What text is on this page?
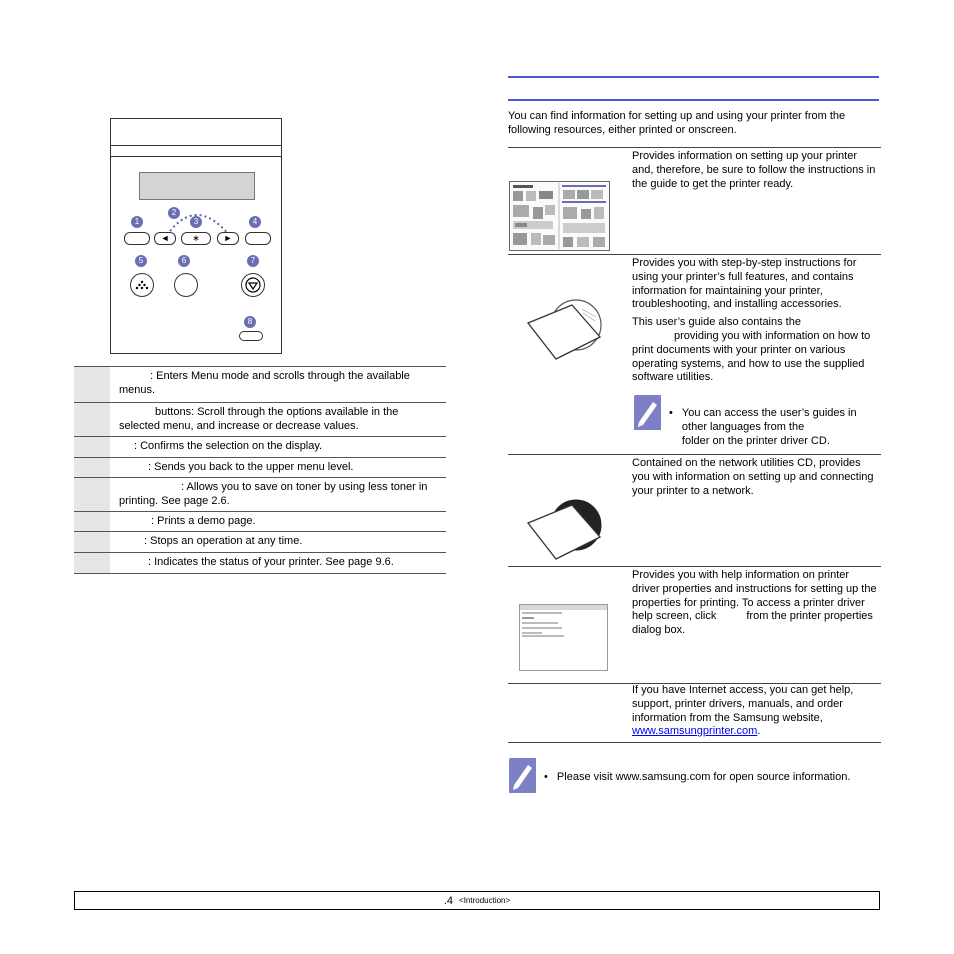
1
2
3	4
5	6	7
8
◄	∗	►
	: Enters Menu mode and scrolls through the available menus.
	buttons: Scroll through the options available in the selected menu, and increase or decrease values.
	: Confirms the selection on the display.
	: Sends you back to the upper menu level.
	: Allows you to save on toner by using less toner in printing. See page 2.6.
	: Prints a demo page.
	: Stops an operation at any time.
	: Indicates the status of your printer. See page 9.6.
You can find information for setting up and using your printer from the following resources, either printed or onscreen.

Provides information on setting up your printer and, therefore, be sure to follow the instructions in the guide to get the printer ready.

Provides you with step-by-step instructions for using your printer’s full features, and contains information for maintaining your printer, troubleshooting, and installing accessories.

This user’s guide also contains the

providing you with information on how to print documents with your printer on various operating systems, and how to use the supplied software utilities.

• You can access the user’s guides in other languages from the
folder on the printer driver CD.

Contained on the network utilities CD, provides you with information on setting up and connecting your printer to a network.

Provides you with help information on printer driver properties and instructions for setting up the properties for printing. To access a printer driver help screen, click	from the printer properties dialog box.

If you have Internet access, you can get help, support, printer drivers, manuals, and order information from the Samsung website, www.samsungprinter.com.

• Please visit www.samsung.com for open source information.
.4 <Introduction>
